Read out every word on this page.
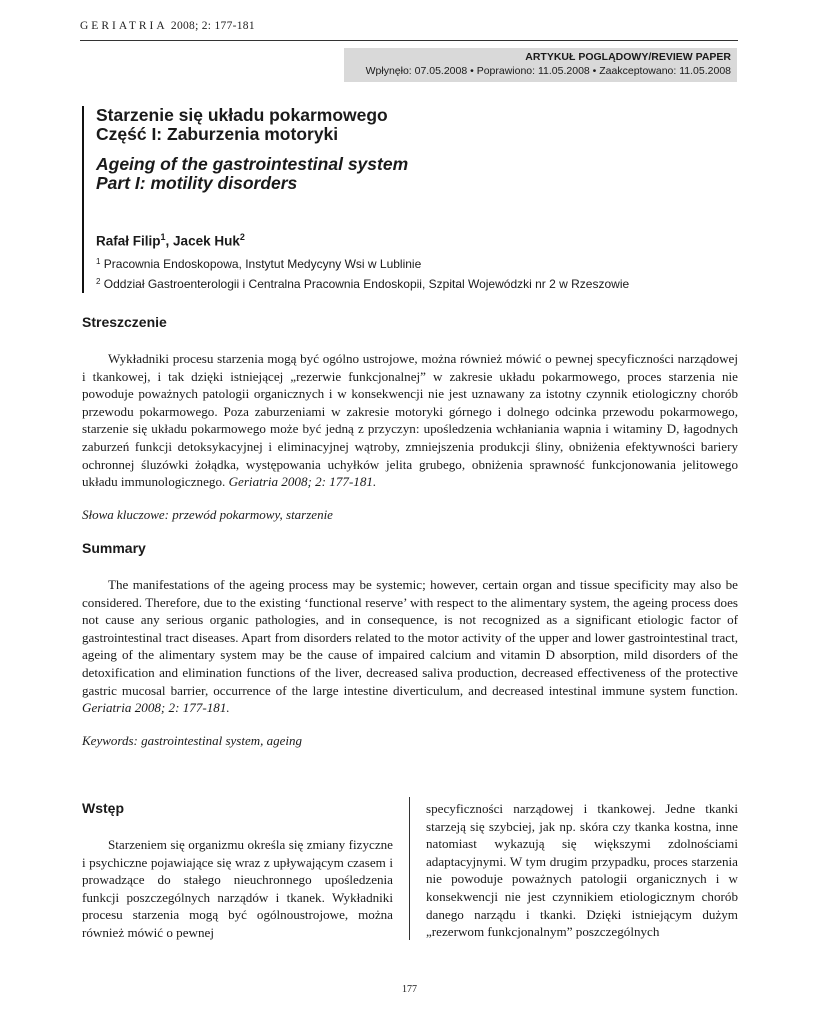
GERIATRIA 2008; 2: 177-181
ARTYKUŁ POGLĄDOWY/REVIEW PAPER
Wpłynęło: 07.05.2008 • Poprawiono: 11.05.2008 • Zaakceptowano: 11.05.2008
Starzenie się układu pokarmowego
Część I: Zaburzenia motoryki
Ageing of the gastrointestinal system
Part I: motility disorders
Rafał Filip$^1$, Jacek Huk$^2$
$^1$ Pracownia Endoskopowa, Instytut Medycyny Wsi w Lublinie
$^2$ Oddział Gastroenterologii i Centralna Pracownia Endoskopii, Szpital Wojewódzki nr 2 w Rzeszowie
Streszczenie
Wykładniki procesu starzenia mogą być ogólno ustrojowe, można również mówić o pewnej specyficzności narządowej i tkankowej, i tak dzięki istniejącej „rezerwie funkcjonalnej” w zakresie układu pokarmowego, proces starzenia nie powoduje poważnych patologii organicznych i w konsekwencji nie jest uznawany za istotny czynnik etiologiczny chorób przewodu pokarmowego. Poza zaburzeniami w zakresie motoryki górnego i dolnego odcinka przewodu pokarmowego, starzenie się układu pokarmowego może być jedną z przyczyn: upośledzenia wchłaniania wapnia i witaminy D, łagodnych zaburzeń funkcji detoksykacyjnej i eliminacyjnej wątroby, zmniejszenia produkcji śliny, obniżenia efektywności bariery ochronnej śluzówki żołądka, występowania uchyłków jelita grubego, obniżenia sprawność funkcjonowania jelitowego układu immunologicznego. Geriatria 2008; 2: 177-181.
Słowa kluczowe: przewód pokarmowy, starzenie
Summary
The manifestations of the ageing process may be systemic; however, certain organ and tissue specificity may also be considered. Therefore, due to the existing ‘functional reserve’ with respect to the alimentary system, the ageing process does not cause any serious organic pathologies, and in consequence, is not recognized as a significant etiologic factor of gastrointestinal tract diseases. Apart from disorders related to the motor activity of the upper and lower gastrointestinal tract, ageing of the alimentary system may be the cause of impaired calcium and vitamin D absorption, mild disorders of the detoxification and elimination functions of the liver, decreased saliva production, decreased effectiveness of the protective gastric mucosal barrier, occurrence of the large intestine diverticulum, and decreased intestinal immune system function. Geriatria 2008; 2: 177-181.
Keywords: gastrointestinal system, ageing
Wstęp
Starzeniem się organizmu określa się zmiany fizyczne i psychiczne pojawiające się wraz z upływającym czasem i prowadzące do stałego nieuchronnego upośledzenia funkcji poszczególnych narządów i tkanek. Wykładniki procesu starzenia mogą być ogólnoustrojowe, można również mówić o pewnej
specyficzności narządowej i tkankowej. Jedne tkanki starzeją się szybciej, jak np. skóra czy tkanka kostna, inne natomiast wykazują się większymi zdolnościami adaptacyjnymi. W tym drugim przypadku, proces starzenia nie powoduje poważnych patologii organicznych i w konsekwencji nie jest czynnikiem etiologicznym chorób danego narządu i tkanki. Dzięki istniejącym dużym „rezerwom funkcjonalnym” poszczególnych
177
